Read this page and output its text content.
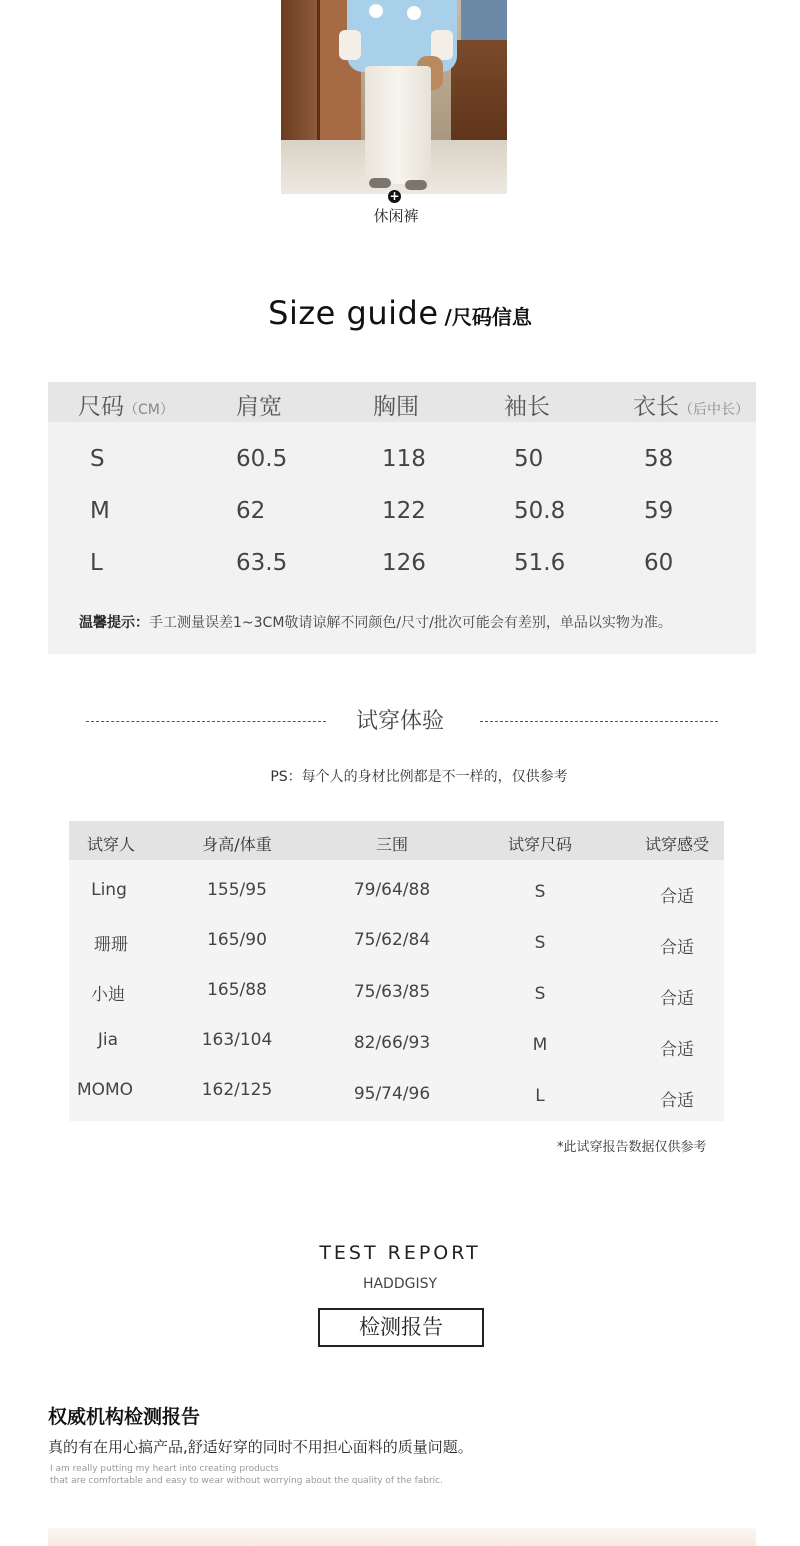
+
休闲裤
Size guide /尺码信息
尺码（CM）	肩宽	胸围	袖长	衣长（后中长）
S	60.5	118	50	58
M	62	122	50.8	59
L	63.5	126	51.6	60
温馨提示：手工测量误差1~3CM敬请谅解不同颜色/尺寸/批次可能会有差别，单品以实物为准。
试穿体验
PS：每个人的身材比例都是不一样的，仅供参考
试穿人	身高/体重	三围	试穿尺码	试穿感受
Ling	155/95	79/64/88	S	合适
珊珊	165/90	75/62/84	S	合适
小迪	165/88	75/63/85	S	合适
Jia	163/104	82/66/93	M	合适
MOMO	162/125	95/74/96	L	合适
*此试穿报告数据仅供参考
TEST REPORT
HADDGISY
检测报告
权威机构检测报告
真的有在用心搞产品,舒适好穿的同时不用担心面料的质量问题。
I am really putting my heart into creating products
that are comfortable and easy to wear without worrying about the quality of the fabric.
